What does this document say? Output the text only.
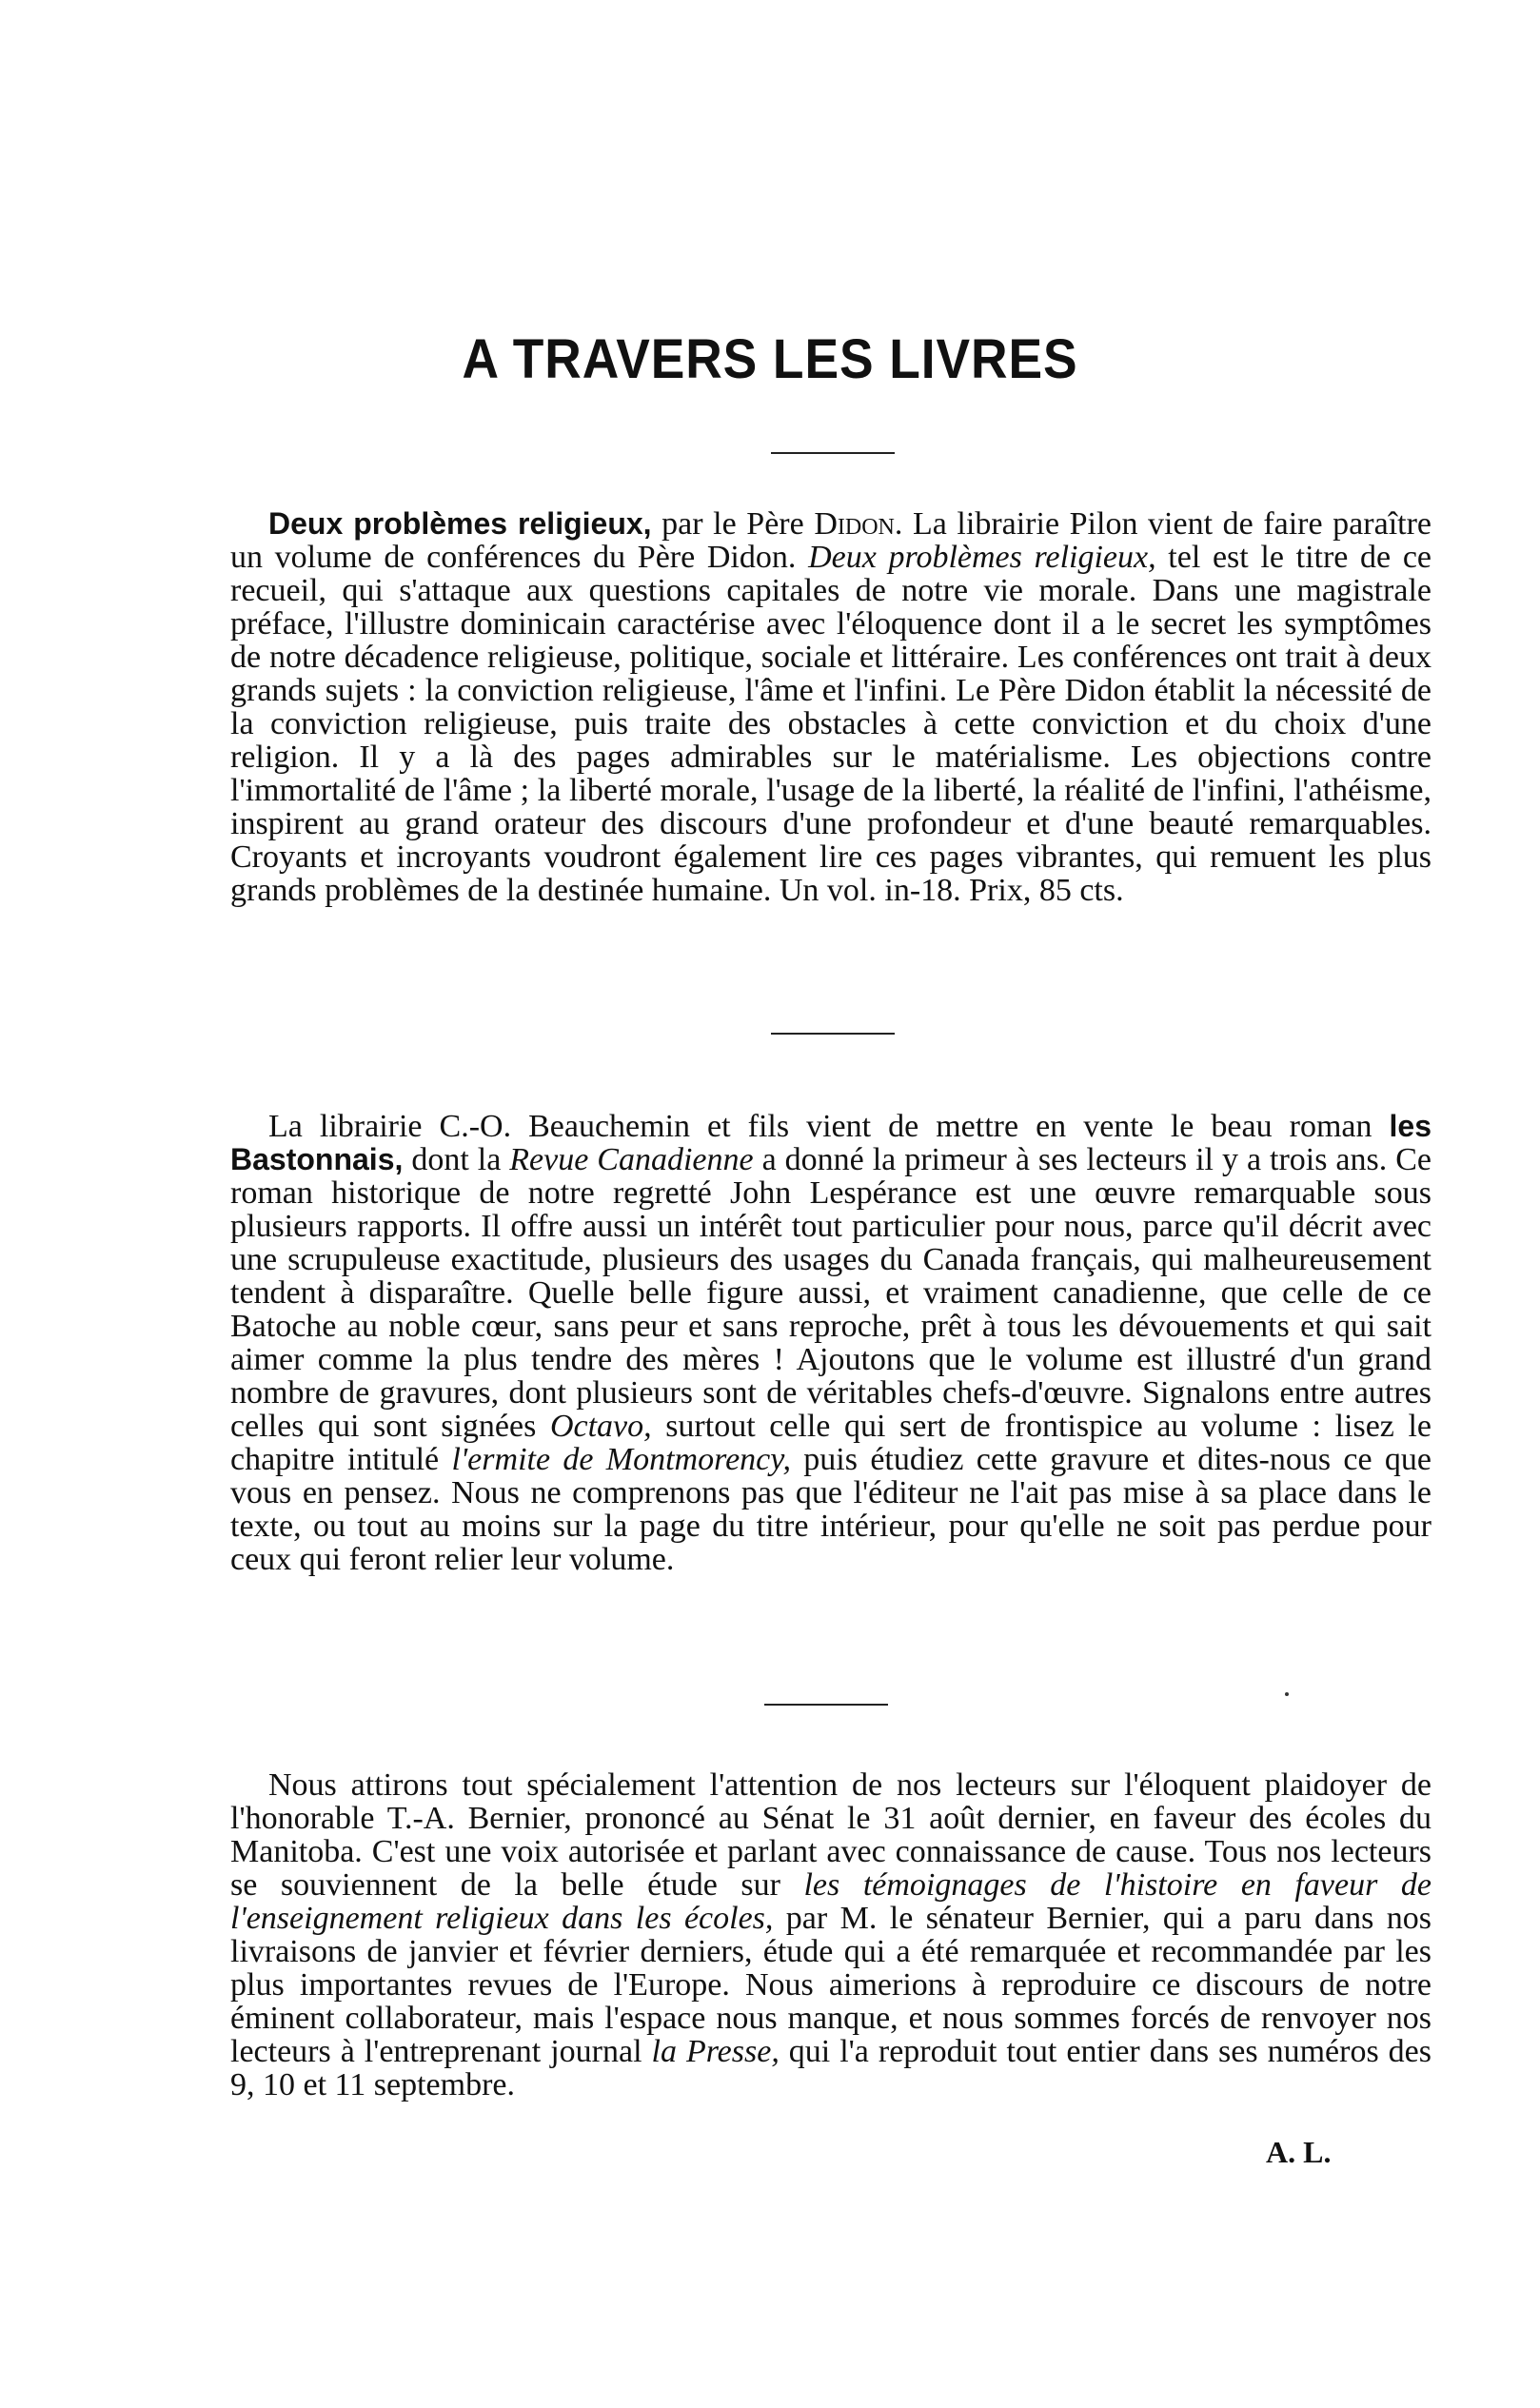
A TRAVERS LES LIVRES

Deux problèmes religieux, par le Père Didon. La librairie Pilon vient de faire paraître un volume de conférences du Père Didon. Deux problèmes religieux, tel est le titre de ce recueil, qui s'attaque aux questions capitales de notre vie morale. Dans une magistrale préface, l'illustre dominicain caractérise avec l'éloquence dont il a le secret les symptômes de notre décadence religieuse, politique, sociale et littéraire. Les conférences ont trait à deux grands sujets : la conviction religieuse, l'âme et l'infini. Le Père Didon établit la nécessité de la conviction religieuse, puis traite des obstacles à cette conviction et du choix d'une religion. Il y a là des pages admirables sur le matérialisme. Les objections contre l'immortalité de l'âme ; la liberté morale, l'usage de la liberté, la réalité de l'infini, l'athéisme, inspirent au grand orateur des discours d'une profondeur et d'une beauté remarquables. Croyants et incroyants voudront également lire ces pages vibrantes, qui remuent les plus grands problèmes de la destinée humaine. Un vol. in-18. Prix, 85 cts.

La librairie C.-O. Beauchemin et fils vient de mettre en vente le beau roman les Bastonnais, dont la Revue Canadienne a donné la primeur à ses lecteurs il y a trois ans. Ce roman historique de notre regretté John Lespérance est une œuvre remarquable sous plusieurs rapports. Il offre aussi un intérêt tout particulier pour nous, parce qu'il décrit avec une scrupuleuse exactitude, plusieurs des usages du Canada français, qui malheureusement tendent à disparaître. Quelle belle figure aussi, et vraiment canadienne, que celle de ce Batoche au noble cœur, sans peur et sans reproche, prêt à tous les dévouements et qui sait aimer comme la plus tendre des mères ! Ajoutons que le volume est illustré d'un grand nombre de gravures, dont plusieurs sont de véritables chefs-d'œuvre. Signalons entre autres celles qui sont signées Octavo, surtout celle qui sert de frontispice au volume : lisez le chapitre intitulé l'ermite de Montmorency, puis étudiez cette gravure et dites-nous ce que vous en pensez. Nous ne comprenons pas que l'éditeur ne l'ait pas mise à sa place dans le texte, ou tout au moins sur la page du titre intérieur, pour qu'elle ne soit pas perdue pour ceux qui feront relier leur volume.

Nous attirons tout spécialement l'attention de nos lecteurs sur l'éloquent plaidoyer de l'honorable T.-A. Bernier, prononcé au Sénat le 31 août dernier, en faveur des écoles du Manitoba. C'est une voix autorisée et parlant avec connaissance de cause. Tous nos lecteurs se souviennent de la belle étude sur les témoignages de l'histoire en faveur de l'enseignement religieux dans les écoles, par M. le sénateur Bernier, qui a paru dans nos livraisons de janvier et février derniers, étude qui a été remarquée et recommandée par les plus importantes revues de l'Europe. Nous aimerions à reproduire ce discours de notre éminent collaborateur, mais l'espace nous manque, et nous sommes forcés de renvoyer nos lecteurs à l'entreprenant journal la Presse, qui l'a reproduit tout entier dans ses numéros des 9, 10 et 11 septembre.

A. L.
